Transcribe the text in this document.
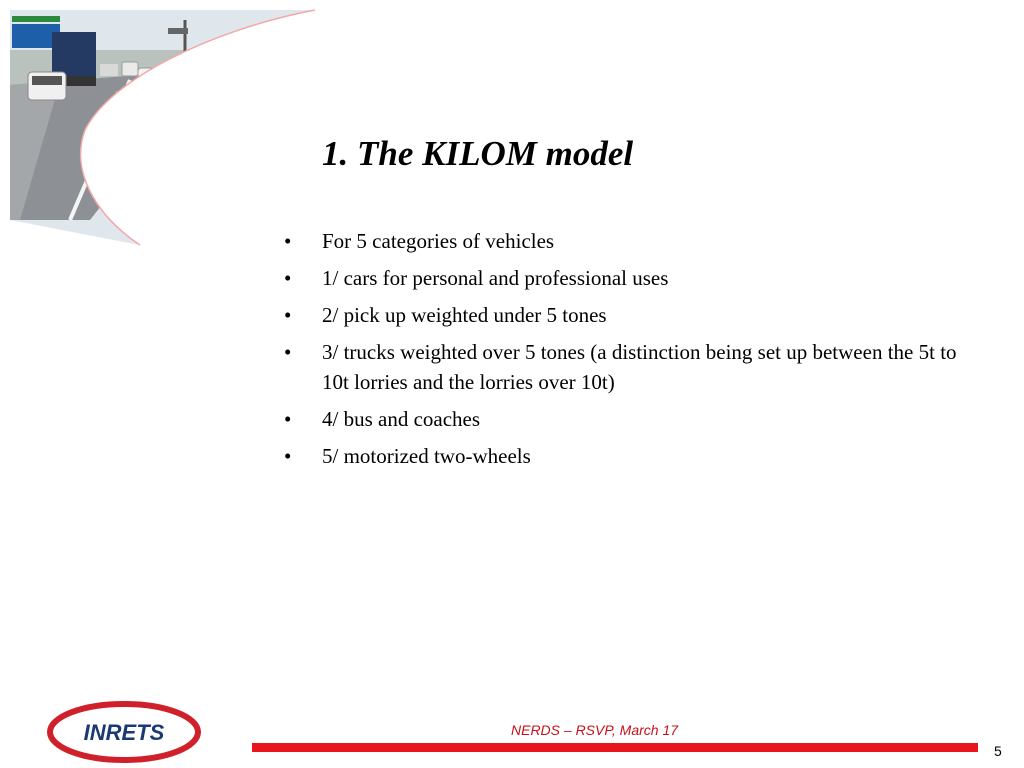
1. The KILOM model
• For 5 categories of vehicles
• 1/ cars for personal and professional uses
• 2/ pick up weighted under 5 tones
• 3/ trucks weighted over 5 tones (a distinction being set up between the 5t to 10t lorries and the lorries over 10t)
• 4/ bus and coaches
• 5/ motorized two-wheels
INRETS	NERDS – RSVP, March 17
5
